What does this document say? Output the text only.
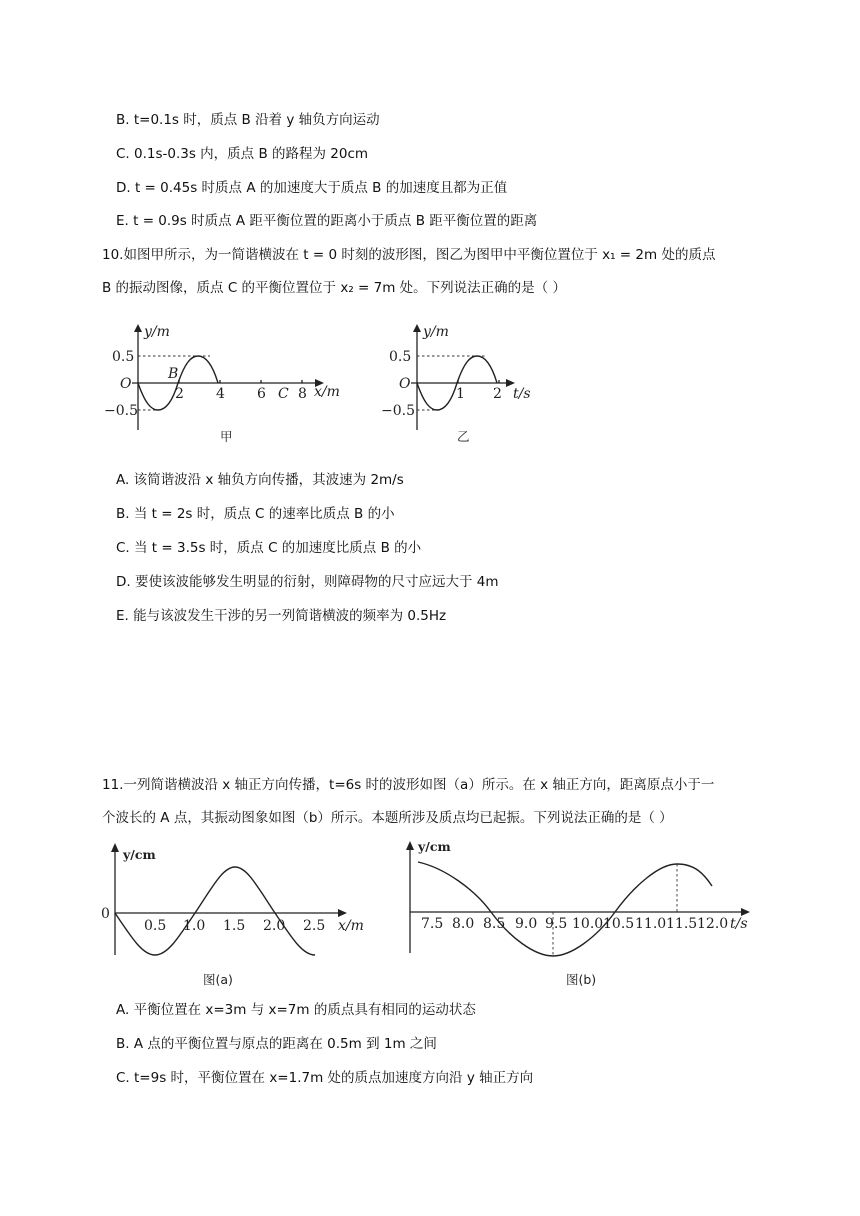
B. t=0.1s 时，质点 B 沿着 y 轴负方向运动
C. 0.1s-0.3s 内，质点 B 的路程为 20cm
D. t = 0.45s 时质点 A 的加速度大于质点 B 的加速度且都为正值
E. t = 0.9s 时质点 A 距平衡位置的距离小于质点 B 距平衡位置的距离
10.如图甲所示，为一简谐横波在 t = 0 时刻的波形图，图乙为图甲中平衡位置位于 x₁ = 2m 处的质点
B 的振动图像，质点 C 的平衡位置位于 x₂ = 7m 处。下列说法正确的是（ ）
y/m
x/m
O
0.5
−0.5
2 4 6 8
B
C
甲
y/m
t/s
O
0.5
−0.5
1 2
乙
A. 该简谐波沿 x 轴负方向传播，其波速为 2m/s
B. 当 t = 2s 时，质点 C 的速率比质点 B 的小
C. 当 t = 3.5s 时，质点 C 的加速度比质点 B 的小
D. 要使该波能够发生明显的衍射，则障碍物的尺寸应远大于 4m
E. 能与该波发生干涉的另一列简谐横波的频率为 0.5Hz
11.一列简谐横波沿 x 轴正方向传播，t=6s 时的波形如图（a）所示。在 x 轴正方向，距离原点小于一
个波长的 A 点，其振动图象如图（b）所示。本题所涉及质点均已起振。下列说法正确的是（ ）
y/cm
x/m
0
0.5 1.0 1.5 2.0 2.5
图(a)
y/cm
t/s
7.5 8.0 8.5 9.0 9.5 10.0 10.5 11.0 11.5 12.0
图(b)
A. 平衡位置在 x=3m 与 x=7m 的质点具有相同的运动状态
B. A 点的平衡位置与原点的距离在 0.5m 到 1m 之间
C. t=9s 时，平衡位置在 x=1.7m 处的质点加速度方向沿 y 轴正方向
